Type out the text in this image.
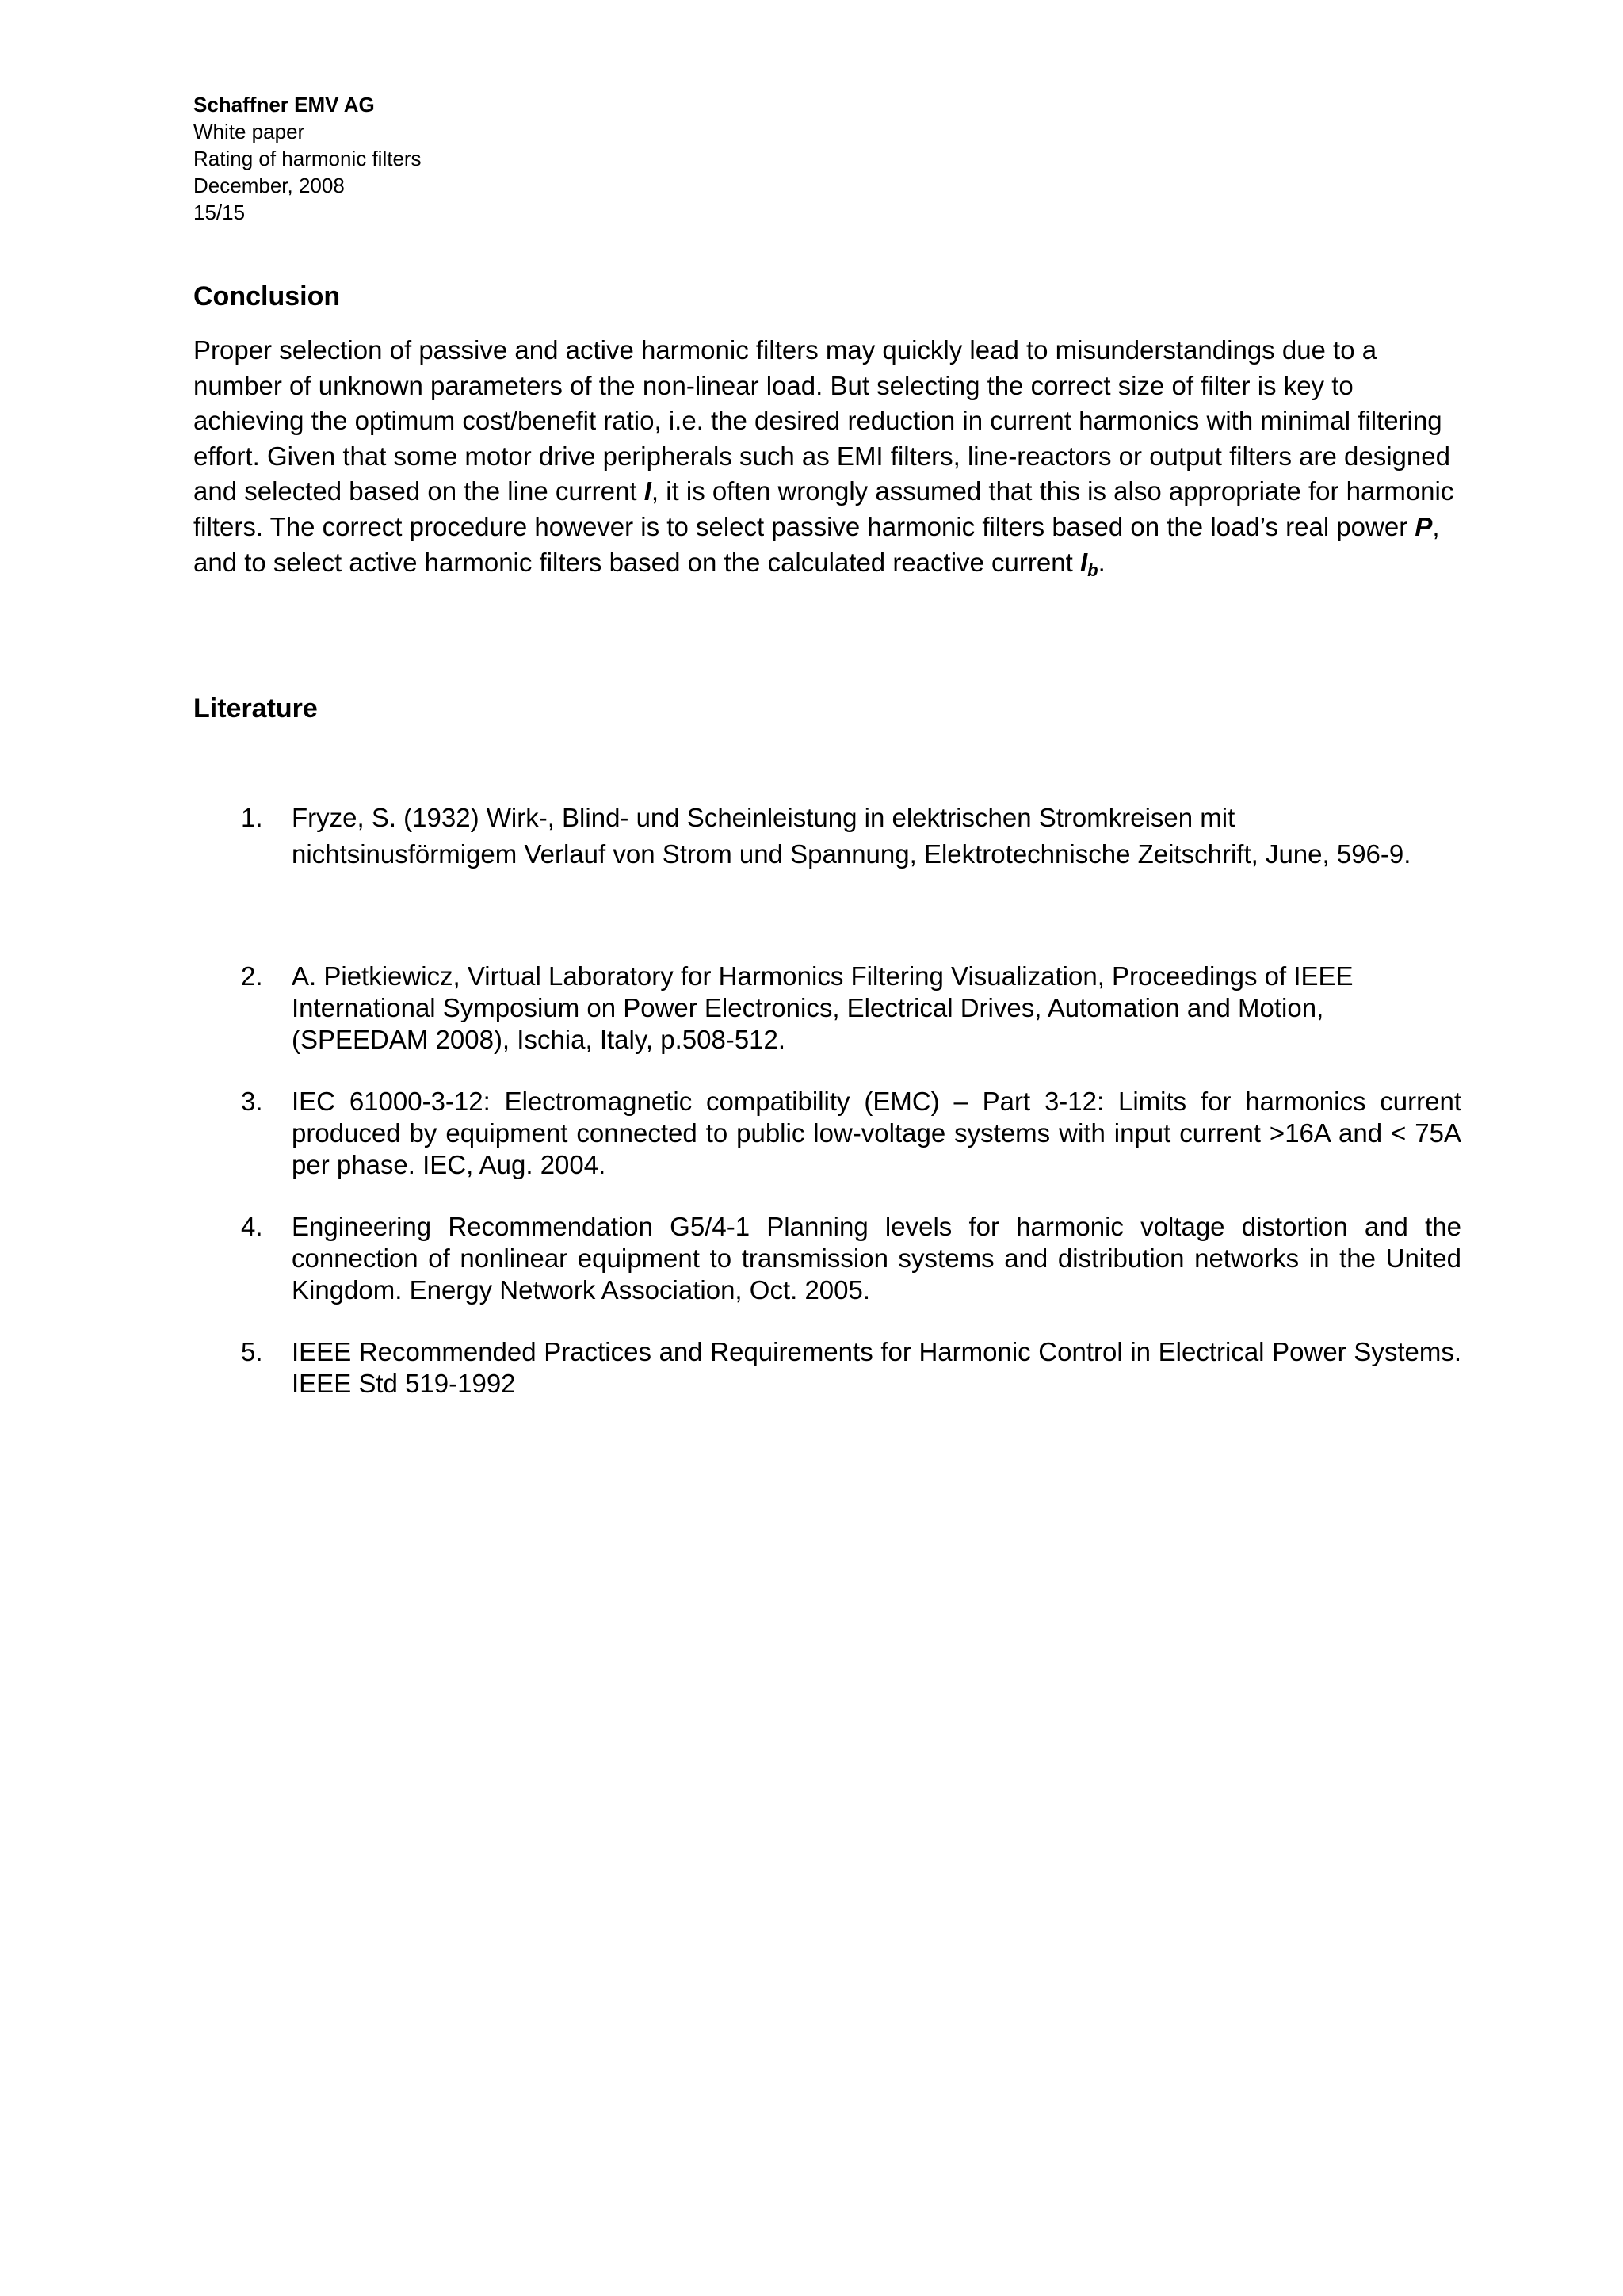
Schaffner EMV AG
White paper
Rating of harmonic filters
December, 2008
15/15
Conclusion

Proper selection of passive and active harmonic filters may quickly lead to misunderstandings due to a number of unknown parameters of the non-linear load. But selecting the correct size of filter is key to achieving the optimum cost/benefit ratio, i.e. the desired reduction in current harmonics with minimal filtering effort. Given that some motor drive peripherals such as EMI filters, line-reactors or output filters are designed and selected based on the line current I, it is often wrongly assumed that this is also appropriate for harmonic filters. The correct procedure however is to select passive harmonic filters based on the load’s real power P, and to select active harmonic filters based on the calculated reactive current $I_b$.

Literature
1.	Fryze, S. (1932) Wirk-, Blind- und Scheinleistung in elektrischen Stromkreisen mit nichtsinusförmigem Verlauf von Strom und Spannung, Elektrotechnische Zeitschrift, June, 596-9.
2.	A. Pietkiewicz, Virtual Laboratory for Harmonics Filtering Visualization, Proceedings of IEEE International Symposium on Power Electronics, Electrical Drives, Automation and Motion, (SPEEDAM 2008), Ischia, Italy, p.508-512.
3.	IEC 61000-3-12: Electromagnetic compatibility (EMC) – Part 3-12: Limits for harmonics current produced by equipment connected to public low-voltage systems with input current >16A and < 75A per phase. IEC, Aug. 2004.
4.	Engineering Recommendation G5/4-1 Planning levels for harmonic voltage distortion and the connection of nonlinear equipment to transmission systems and distribution networks in the United Kingdom. Energy Network Association, Oct. 2005.
5.	IEEE Recommended Practices and Requirements for Harmonic Control in Electrical Power Systems. IEEE Std 519-1992
